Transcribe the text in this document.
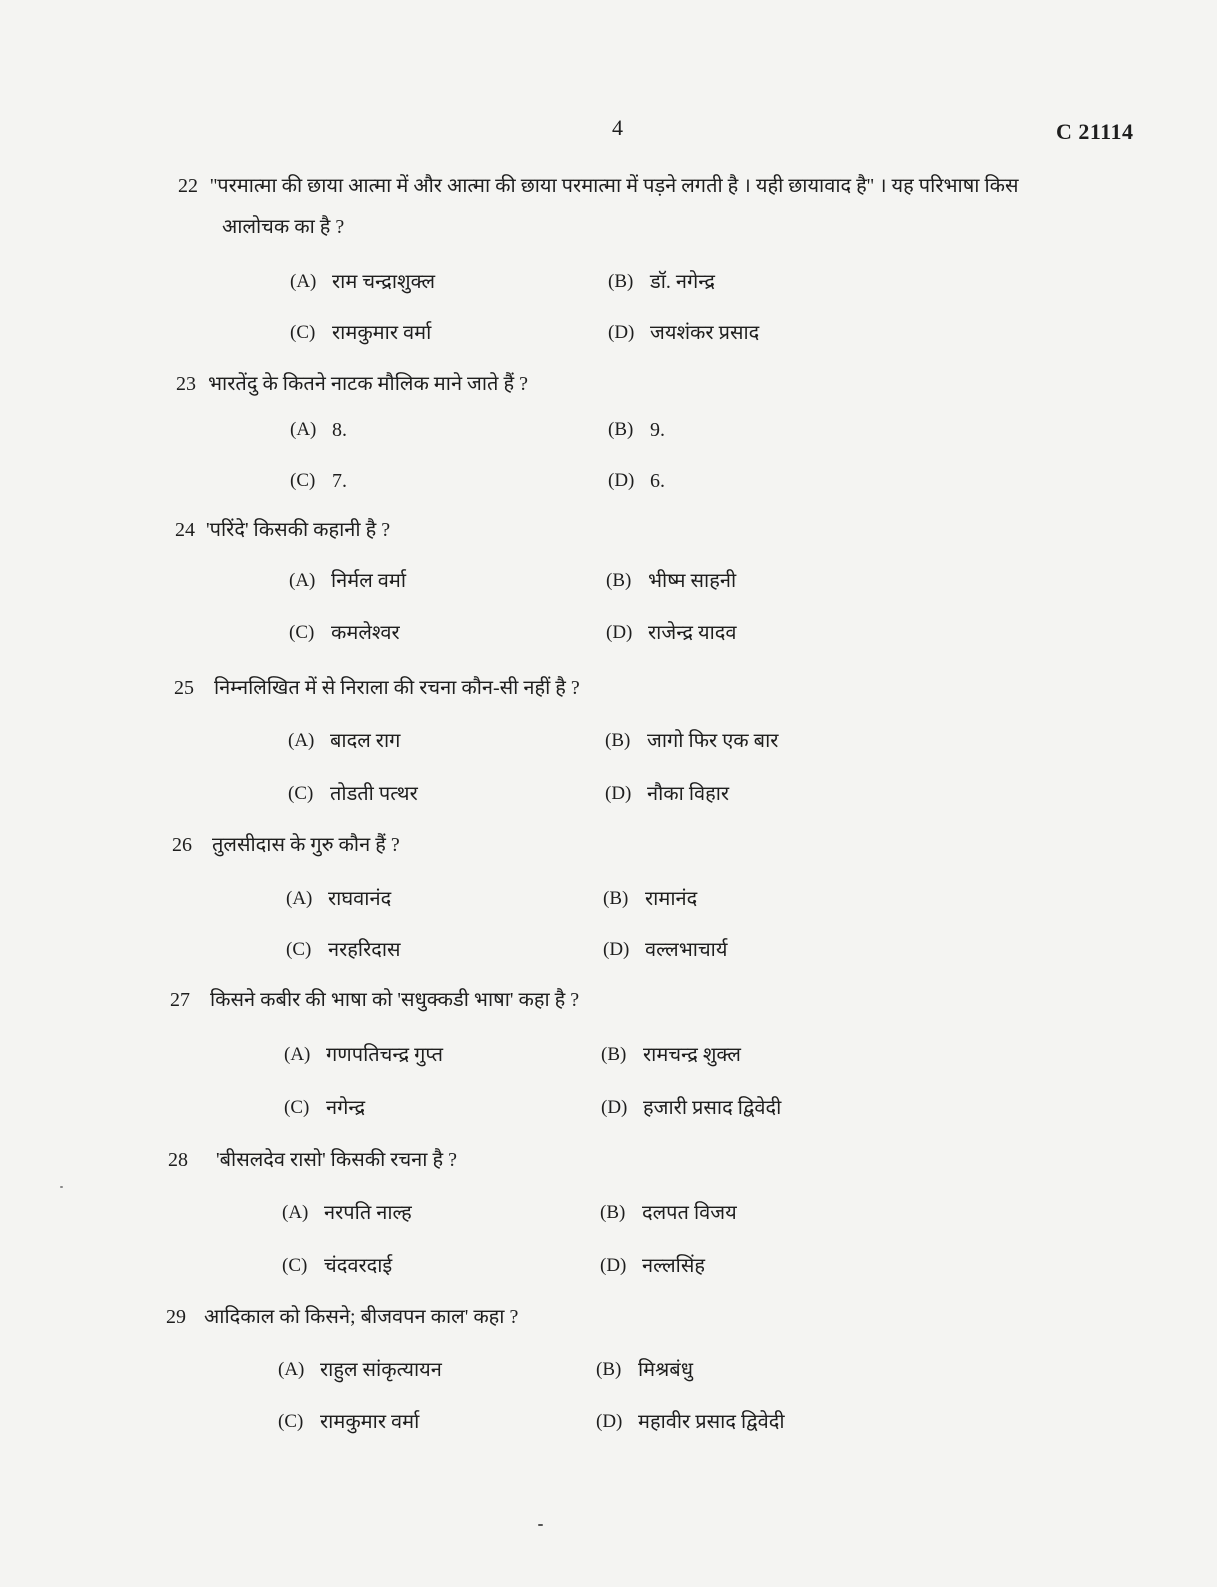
4	C 21114
22 ''परमात्मा की छाया आत्मा में और आत्मा की छाया परमात्मा में पड़ने लगती है । यही छायावाद है'' । यह परिभाषा किस
आलोचक का है ?
(A) राम चन्द्राशुक्ल	(B) डॉ. नगेन्द्र
(C) रामकुमार वर्मा	(D) जयशंकर प्रसाद
23 भारतेंदु के कितने नाटक मौलिक माने जाते हैं ?
(A) 8.	(B) 9.
(C) 7.	(D) 6.
24 'परिंदे' किसकी कहानी है ?
(A) निर्मल वर्मा	(B) भीष्म साहनी
(C) कमलेश्वर	(D) राजेन्द्र यादव
25 निम्नलिखित में से निराला की रचना कौन-सी नहीं है ?
(A) बादल राग	(B) जागो फिर एक बार
(C) तोडती पत्थर	(D) नौका विहार
26 तुलसीदास के गुरु कौन हैं ?
(A) राघवानंद	(B) रामानंद
(C) नरहरिदास	(D) वल्लभाचार्य
27 किसने कबीर की भाषा को 'सधुक्कडी भाषा' कहा है ?
(A) गणपतिचन्द्र गुप्त	(B) रामचन्द्र शुक्ल
(C) नगेन्द्र	(D) हजारी प्रसाद द्विवेदी
28 'बीसलदेव रासो' किसकी रचना है ?
(A) नरपति नाल्ह	(B) दलपत विजय
(C) चंदवरदाई	(D) नल्लसिंह
29 आदिकाल को किसने; बीजवपन काल' कहा ?
(A) राहुल सांकृत्यायन	(B) मिश्रबंधु
(C) रामकुमार वर्मा	(D) महावीर प्रसाद द्विवेदी
